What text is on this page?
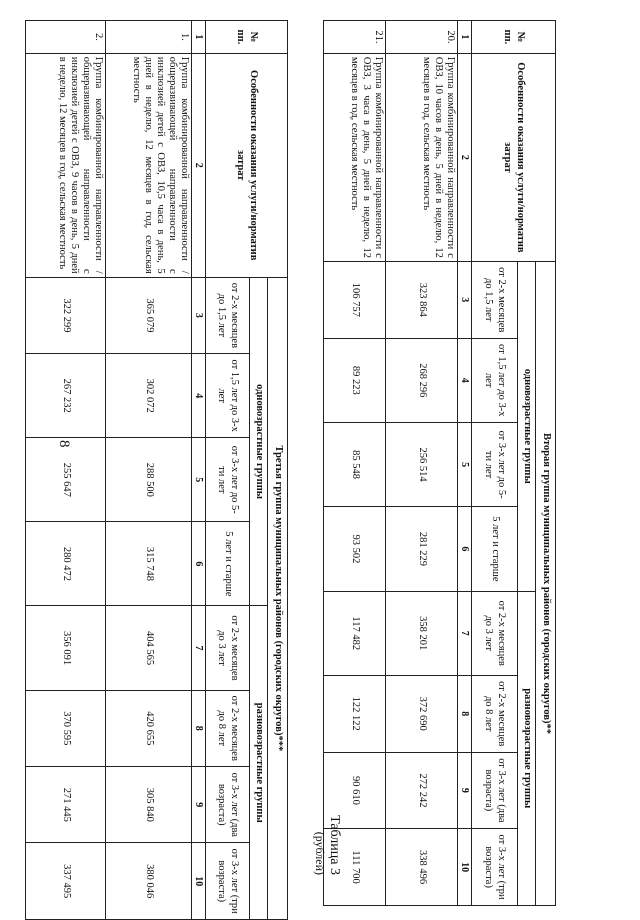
8
№ пп.	Особенности оказания услуги/норматив затрат	Вторая группа муниципальных районов (городских округов)**							
		одновозрастные группы				разновозрастные группы			
		от 2-х месяцев до 1,5 лет	от 1,5 лет до 3-х лет	от 3-х лет до 5-ти лет	5 лет и старше	от 2-х месяцев до 3 лет	от 2-х месяцев до 8 лет	от 3-х лет (два возраста)	от 3-х лет (три возраста)
1	2	3	4	5	6	7	8	9	10
20.	Группа комбинированной направленности с ОВЗ, 10 часов в день, 5 дней в неделю, 12 месяцев в год, сельская местность	323 864	268 296	256 514	281 229	358 201	372 690	272 242	338 496
21.	Группа комбинированной направленности с ОВЗ, 3 часа в день, 5 дней в неделю, 12 месяцев в год, сельская местность	106 757	89 223	85 548	93 502	117 482	122 122	90 610	111 700
Таблица 3
(рублей)
№ пп.	Особенности оказания услуги/норматив затрат	Третья группа муниципальных районов (городских округов)***							
		одновозрастные группы				разновозрастные группы			
		от 2-х месяцев до 1,5 лет	от 1,5 лет до 3-х лет	от 3-х лет до 5-ти лет	5 лет и старше	от 2-х месяцев до 3 лет	от 2-х месяцев до 8 лет	от 3-х лет (два возраста)	от 3-х лет (три возраста)
1	2	3	4	5	6	7	8	9	10
1.	Группа комбинированной направленности / общеразвивающей направленности с инклюзией детей с ОВЗ, 10,5 часа в день, 5 дней в неделю, 12 месяцев в год, сельская местность	365 079	302 072	288 500	315 748	404 565	420 655	305 840	380 046
2.	Группа комбинированной направленности / общеразвивающей направленности с инклюзией детей с ОВЗ, 9 часов в день, 5 дней в неделю, 12 месяцев в год, сельская местность	322 299	267 232	255 647	280 472	356 091	370 595	271 445	337 495
